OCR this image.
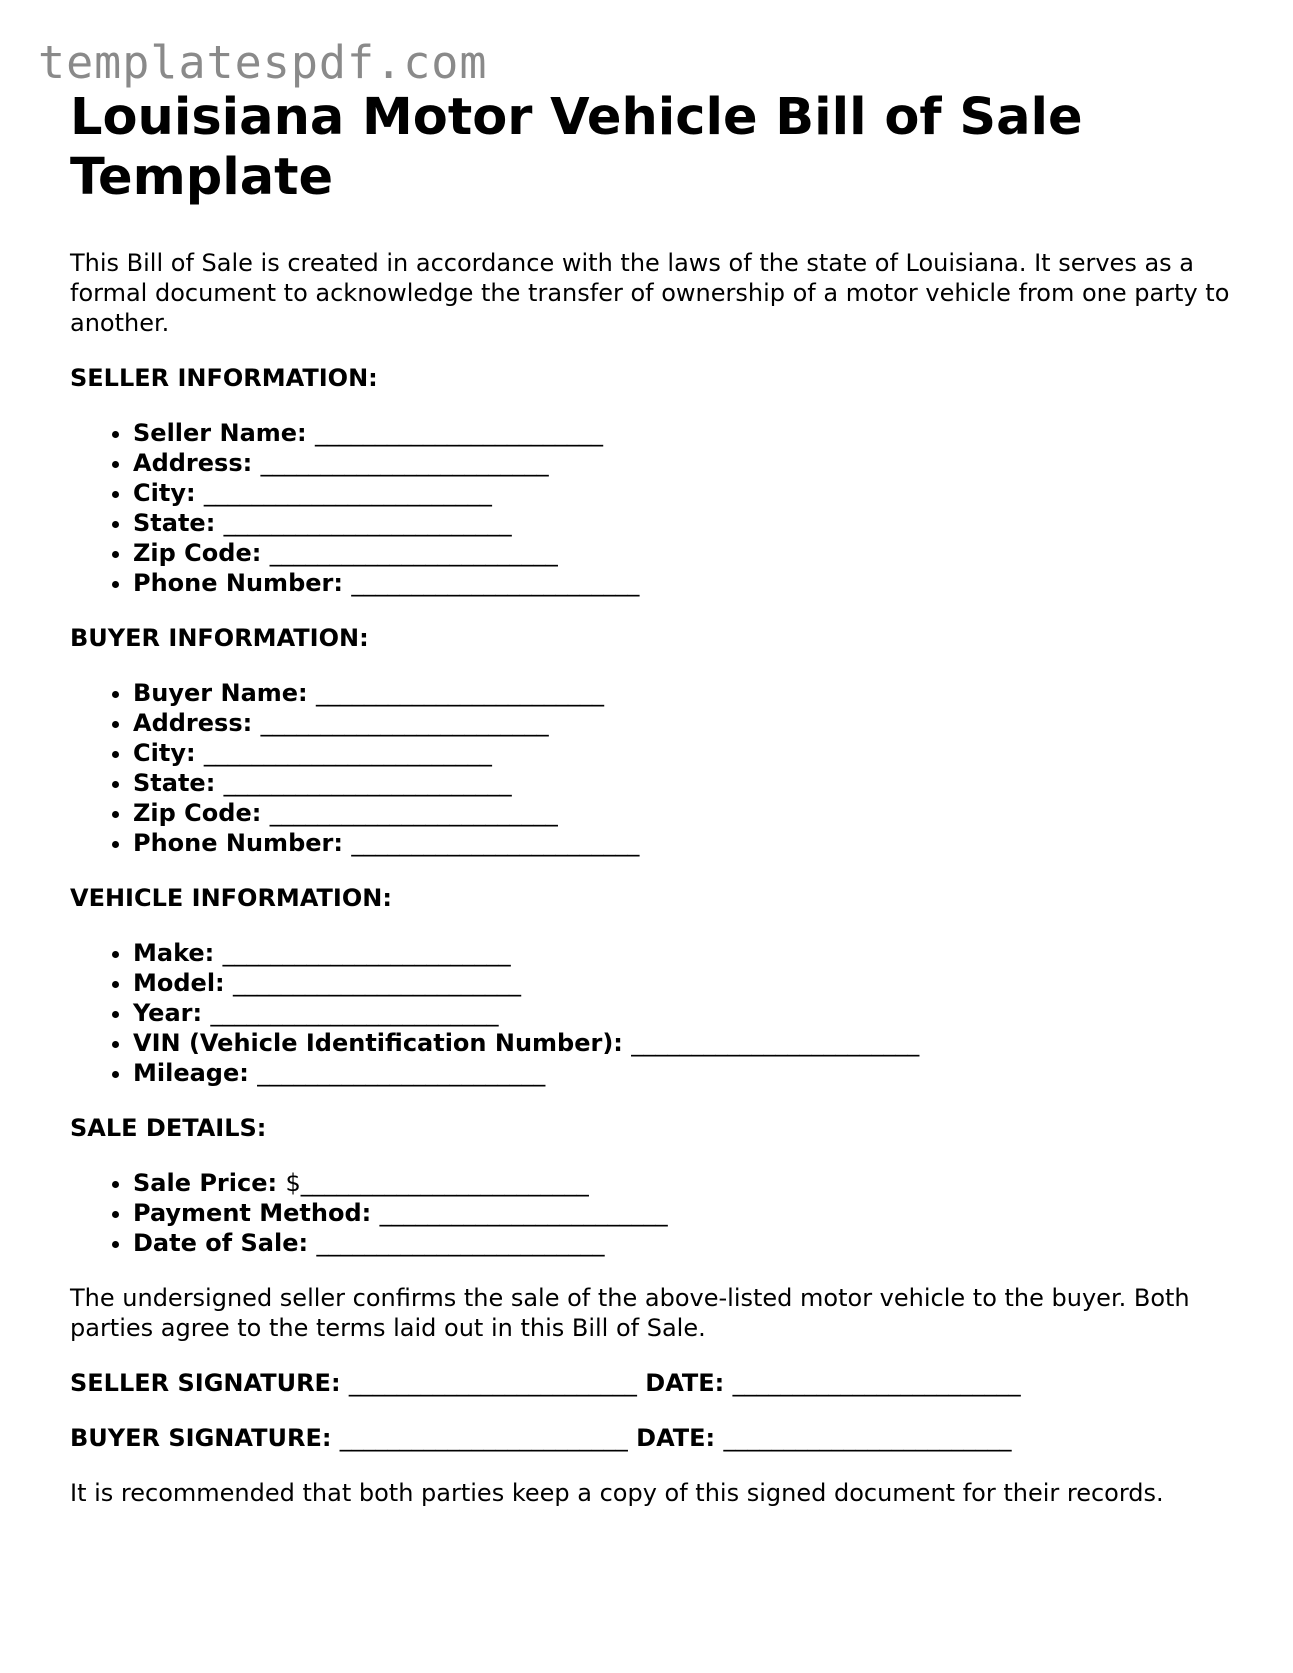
templatespdf.com
Louisiana Motor Vehicle Bill of Sale Template

This Bill of Sale is created in accordance with the laws of the state of Louisiana. It serves as a formal document to acknowledge the transfer of ownership of a motor vehicle from one party to another.

SELLER INFORMATION:

• Seller Name: ________________________
• Address: ________________________
• City: ________________________
• State: ________________________
• Zip Code: ________________________
• Phone Number: ________________________

BUYER INFORMATION:

• Buyer Name: ________________________
• Address: ________________________
• City: ________________________
• State: ________________________
• Zip Code: ________________________
• Phone Number: ________________________

VEHICLE INFORMATION:

• Make: ________________________
• Model: ________________________
• Year: ________________________
• VIN (Vehicle Identification Number): ________________________
• Mileage: ________________________

SALE DETAILS:

• Sale Price: $________________________
• Payment Method: ________________________
• Date of Sale: ________________________

The undersigned seller confirms the sale of the above-listed motor vehicle to the buyer. Both parties agree to the terms laid out in this Bill of Sale.

SELLER SIGNATURE: ________________________ DATE: ________________________

BUYER SIGNATURE: ________________________ DATE: ________________________

It is recommended that both parties keep a copy of this signed document for their records.
